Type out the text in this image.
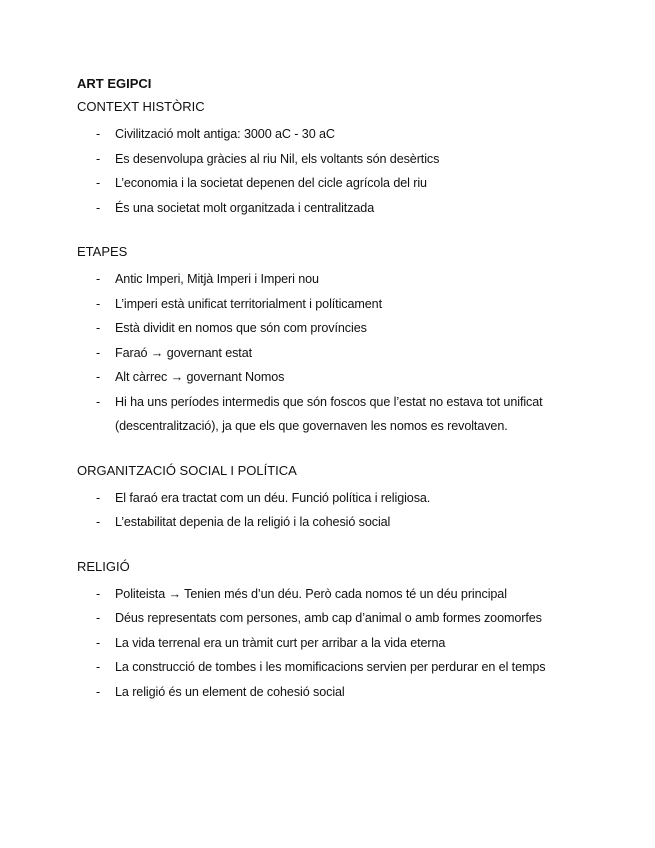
ART EGIPCI
CONTEXT HISTÒRIC
- Civilització molt antiga: 3000 aC - 30 aC
- Es desenvolupa gràcies al riu Nil, els voltants són desèrtics
- L’economia i la societat depenen del cicle agrícola del riu
- És una societat molt organitzada i centralitzada
ETAPES
- Antic Imperi, Mitjà Imperi i Imperi nou
- L’imperi està unificat territorialment i políticament
- Està dividit en nomos que són com províncies
- Faraó → governant estat
- Alt càrrec → governant Nomos
- Hi ha uns períodes intermedis que són foscos que l’estat no estava tot unificat (descentralització), ja que els que governaven les nomos es revoltaven.
ORGANITZACIÓ SOCIAL I POLÍTICA
- El faraó era tractat com un déu. Funció política i religiosa.
- L’estabilitat depenia de la religió i la cohesió social
RELIGIÓ
- Politeista → Tenien més d’un déu. Però cada nomos té un déu principal
- Déus representats com persones, amb cap d’animal o amb formes zoomorfes
- La vida terrenal era un tràmit curt per arribar a la vida eterna
- La construcció de tombes i les momificacions servien per perdurar en el temps
- La religió és un element de cohesió social
